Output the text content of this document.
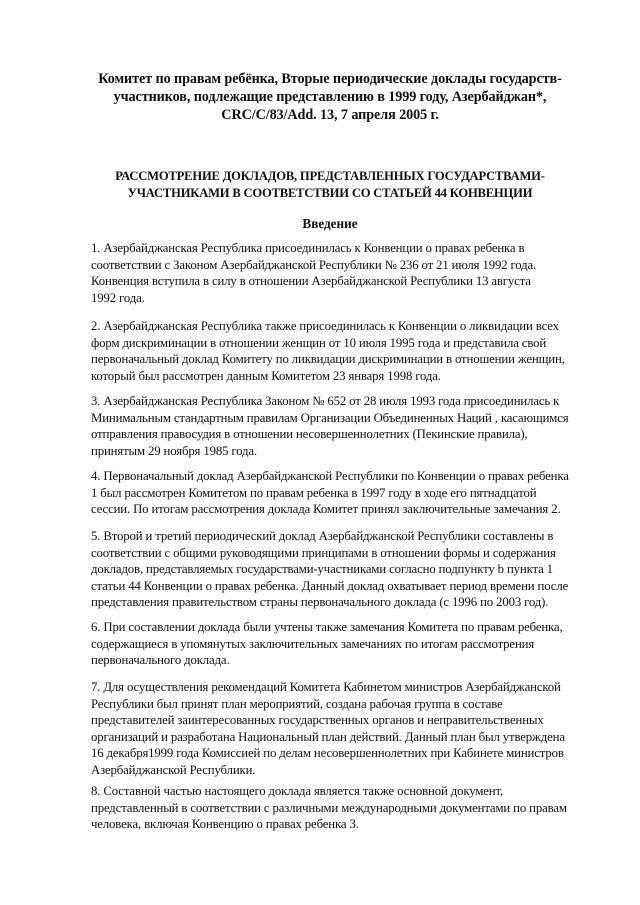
Комитет по правам ребёнка, Вторые периодические доклады государств-
участников, подлежащие представлению в 1999 году, Азербайджан*,
CRC/C/83/Add. 13, 7 апреля 2005 г.
РАССМОТРЕНИЕ ДОКЛАДОВ, ПРЕДСТАВЛЕННЫХ ГОСУДАРСТВАМИ-
УЧАСТНИКАМИ В СООТВЕТСТВИИ СО СТАТЬЕЙ 44 КОНВЕНЦИИ
Введение
1. Азербайджанская Республика присоединилась к Конвенции о правах ребенка в
соответствии с Законом Азербайджанской Республики № 236 от 21 июля 1992 года.
Конвенция вступила в силу в отношении Азербайджанской Республики 13 августа
1992 года.
2. Азербайджанская Республика также присоединилась к Конвенции о ликвидации всех
форм дискриминации в отношении женщин от 10 июля 1995 года и представила свой
первоначальный доклад Комитету по ликвидации дискриминации в отношении женщин,
который был рассмотрен данным Комитетом 23 января 1998 года.
3. Азербайджанская Республика Законом № 652 от 28 июля 1993 года присоединилась к
Минимальным стандартным правилам Организации Объединенных Наций , касающимся
отправления правосудия в отношении несовершеннолетних (Пекинские правила),
принятым 29 ноября 1985 года.
4. Первоначальный доклад Азербайджанской Республики по Конвенции о правах ребенка
1 был рассмотрен Комитетом по правам ребенка в 1997 году в ходе его пятнадцатой
сессии. По итогам рассмотрения доклада Комитет принял заключительные замечания 2.
5. Второй и третий периодический доклад Азербайджанской Республики составлены в
соответствии с общими руководящими принципами в отношении формы и содержания
докладов, представляемых государствами-участниками согласно подпункту b пункта 1
статьи 44 Конвенции о правах ребенка. Данный доклад охватывает период времени после
представления правительством страны первоначального доклада (с 1996 по 2003 год).
6. При составлении доклада были учтены также замечания Комитета по правам ребенка,
содержащиеся в упомянутых заключительных замечаниях по итогам рассмотрения
первоначального доклада.
7. Для осуществления рекомендаций Комитета Кабинетом министров Азербайджанской
Республики был принят план мероприятий, создана рабочая группа в составе
представителей заинтересованных государственных органов и неправительственных
организаций и разработана Национальный план действий. Данный план был утверждена
16 декабря1999 года Комиссией по делам несовершеннолетних при Кабинете министров
Азербайджанской Республики.
8. Составной частью настоящего доклада является также основной документ,
представленный в соответствии с различными международными документами по правам
человека, включая Конвенцию о правах ребенка 3.
